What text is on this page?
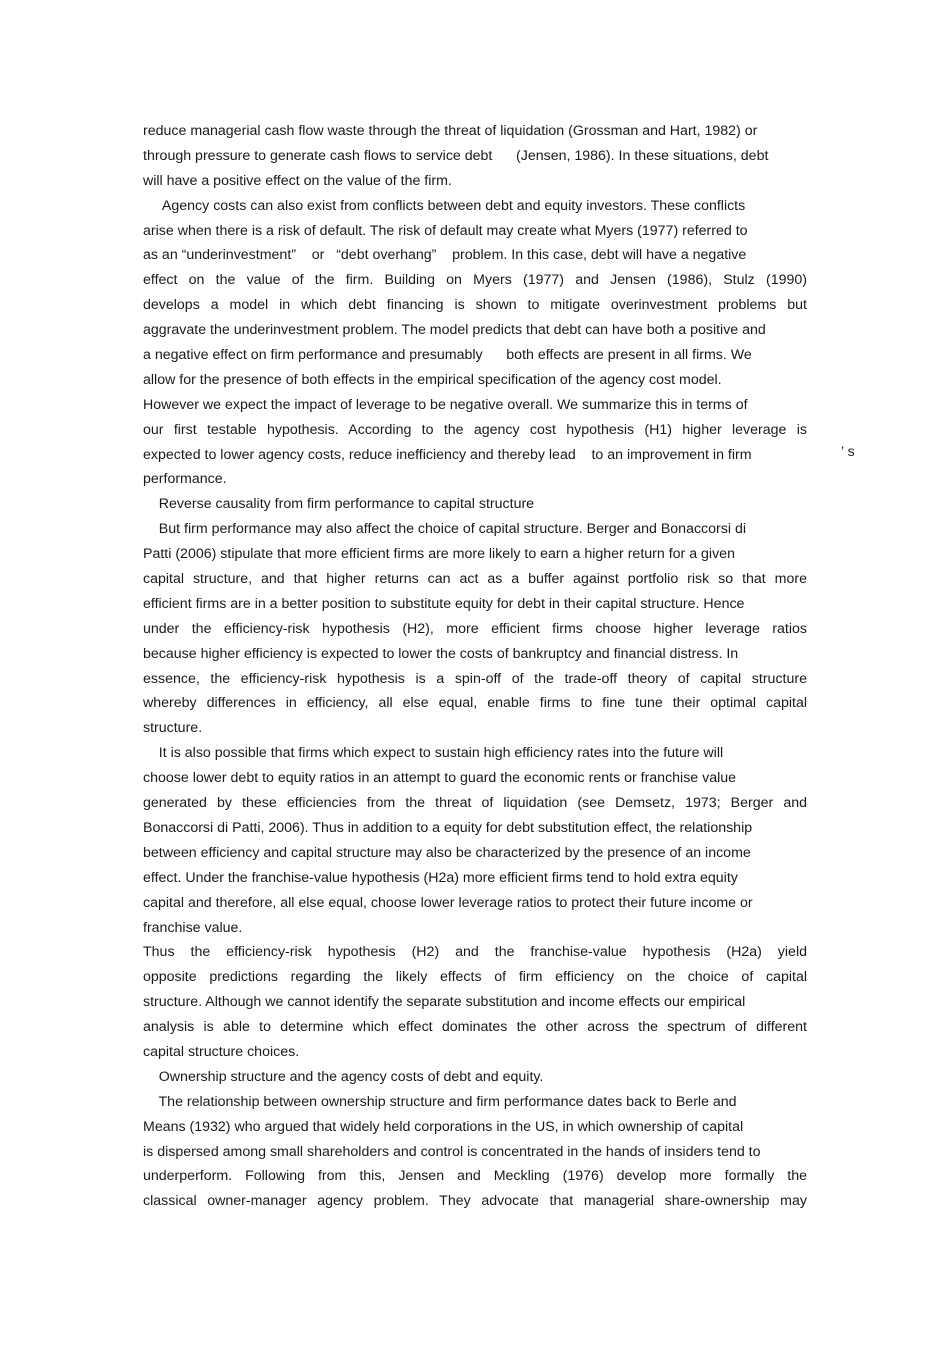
reduce managerial cash flow waste through the threat of liquidation (Grossman and Hart, 1982) or
through pressure to generate cash flows to service debt      (Jensen, 1986). In these situations, debt
will have a positive effect on the value of the firm.
Agency costs can also exist from conflicts between debt and equity investors. These conflicts
arise when there is a risk of default. The risk of default may create what Myers (1977) referred to
as an “underinvestment”    or   “debt overhang”    problem. In this case, debt will have a negative
effect on the value of the firm. Building on Myers (1977) and Jensen (1986), Stulz (1990)
develops a model in which debt financing is shown to mitigate overinvestment problems but
aggravate the underinvestment problem. The model predicts that debt can have both a positive and
a negative effect on firm performance and presumably      both effects are present in all firms. We
allow for the presence of both effects in the empirical specification of the agency cost model.
However we expect the impact of leverage to be negative overall. We summarize this in terms of
our first testable hypothesis. According to the agency cost hypothesis (H1) higher leverage is
expected to lower agency costs, reduce inefficiency and thereby lead    to an improvement in firm
performance.
Reverse causality from firm performance to capital structure
But firm performance may also affect the choice of capital structure. Berger and Bonaccorsi di
Patti (2006) stipulate that more efficient firms are more likely to earn a higher return for a given
capital structure, and that higher returns can act as a buffer against portfolio risk so that more
efficient firms are in a better position to substitute equity for debt in their capital structure. Hence
under the efficiency-risk hypothesis (H2), more efficient firms choose higher leverage ratios
because higher efficiency is expected to lower the costs of bankruptcy and financial distress. In
essence, the efficiency-risk hypothesis is a spin-off of the trade-off theory of capital structure
whereby differences in efficiency, all else equal, enable firms to fine tune their optimal capital
structure.
It is also possible that firms which expect to sustain high efficiency rates into the future will
choose lower debt to equity ratios in an attempt to guard the economic rents or franchise value
generated by these efficiencies from the threat of liquidation (see Demsetz, 1973; Berger and
Bonaccorsi di Patti, 2006). Thus in addition to a equity for debt substitution effect, the relationship
between efficiency and capital structure may also be characterized by the presence of an income
effect. Under the franchise-value hypothesis (H2a) more efficient firms tend to hold extra equity
capital and therefore, all else equal, choose lower leverage ratios to protect their future income or
franchise value.
Thus the efficiency-risk hypothesis (H2) and the franchise-value hypothesis (H2a) yield
opposite predictions regarding the likely effects of firm efficiency on the choice of capital
structure. Although we cannot identify the separate substitution and income effects our empirical
analysis is able to determine which effect dominates the other across the spectrum of different
capital structure choices.
Ownership structure and the agency costs of debt and equity.
The relationship between ownership structure and firm performance dates back to Berle and
Means (1932) who argued that widely held corporations in the US, in which ownership of capital
is dispersed among small shareholders and control is concentrated in the hands of insiders tend to
underperform. Following from this, Jensen and Meckling (1976) develop more formally the
classical owner-manager agency problem. They advocate that managerial share-ownership may
’ s
